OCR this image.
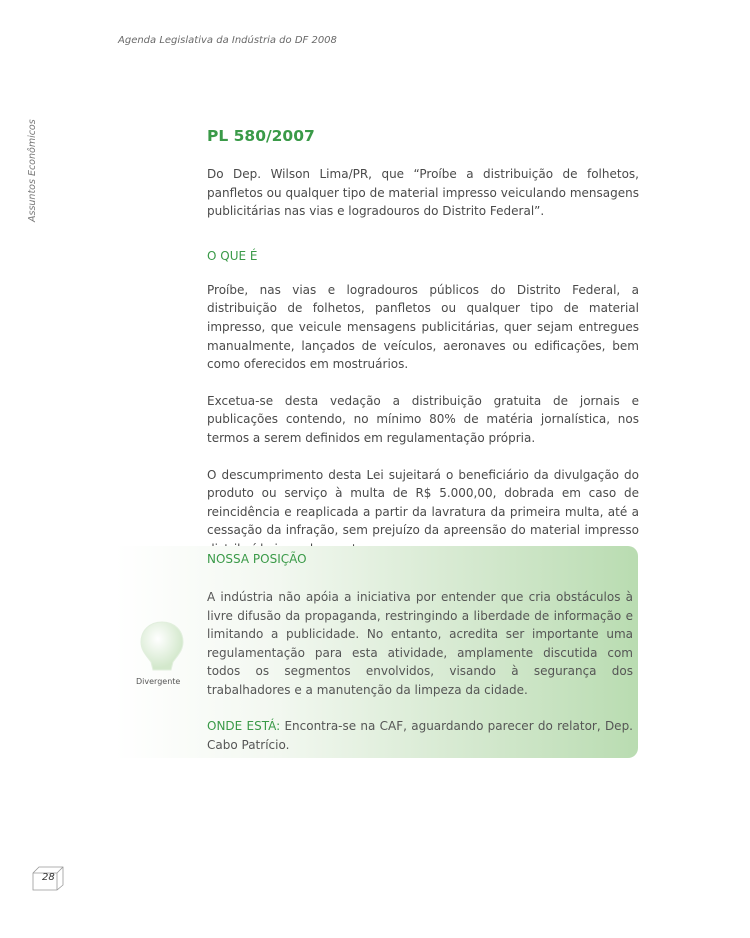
Agenda Legislativa da Indústria do DF 2008
Assuntos Econômicos	PL 580/2007

Do Dep. Wilson Lima/PR, que “Proíbe a distribuição de folhetos, panfletos ou qualquer tipo de material impresso veiculando mensagens publicitárias nas vias e logradouros do Distrito Federal”.

O QUE É

Proíbe, nas vias e logradouros públicos do Distrito Federal, a distribuição de folhetos, panfletos ou qualquer tipo de material impresso, que veicule mensagens publicitárias, quer sejam entregues manualmente, lançados de veículos, aeronaves ou edificações, bem como oferecidos em mostruários.

Excetua-se desta vedação a distribuição gratuita de jornais e publicações contendo, no mínimo 80% de matéria jornalística, nos termos a serem definidos em regulamentação própria.

O descumprimento desta Lei sujeitará o beneficiário da divulgação do produto ou serviço à multa de R$ 5.000,00, dobrada em caso de reincidência e reaplicada a partir da lavratura da primeira multa, até a cessação da infração, sem prejuízo da apreensão do material impresso

Divergente
NOSSA POSIÇÃO

A indústria não apóia a iniciativa por entender que cria obstáculos à livre difusão da propaganda, restringindo a liberdade de informação e limitando a publicidade. No entanto, acredita ser importante uma regulamentação para esta atividade, amplamente discutida com todos os segmentos envolvidos, visando à segurança dos trabalhadores e a manutenção da limpeza da cidade.

ONDE ESTÁ: Encontra-se na CAF, aguardando parecer do relator, Dep. Cabo Patrício.

28
